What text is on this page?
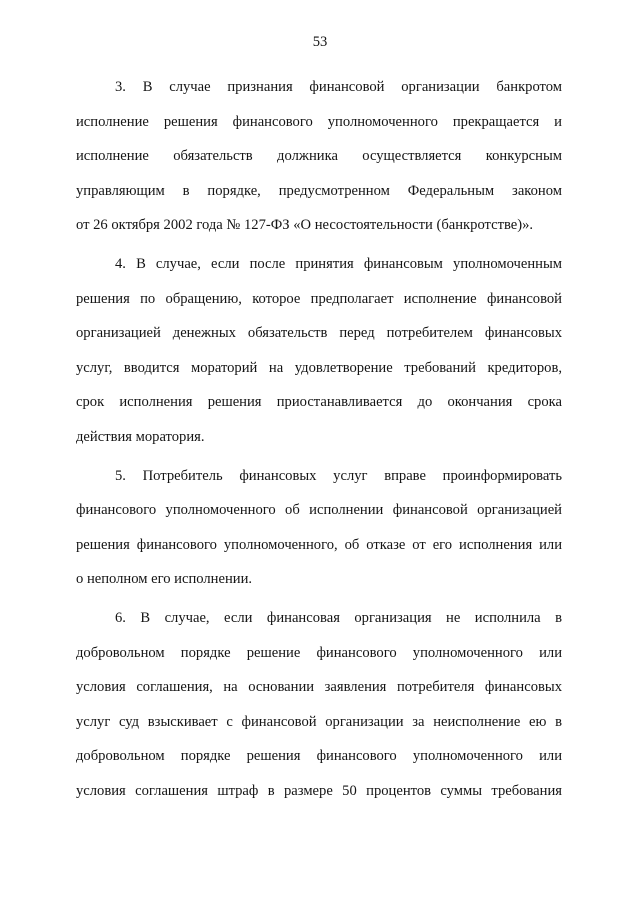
53
3. В случае признания финансовой организации банкротом
исполнение решения финансового уполномоченного прекращается и
исполнение обязательств должника осуществляется конкурсным
управляющим в порядке, предусмотренном Федеральным законом
от 26 октября 2002 года № 127-ФЗ «О несостоятельности (банкротстве)».
4. В случае, если после принятия финансовым уполномоченным
решения по обращению, которое предполагает исполнение финансовой
организацией денежных обязательств перед потребителем финансовых
услуг, вводится мораторий на удовлетворение требований кредиторов,
срок исполнения решения приостанавливается до окончания срока
действия моратория.
5. Потребитель финансовых услуг вправе проинформировать
финансового уполномоченного об исполнении финансовой организацией
решения финансового уполномоченного, об отказе от его исполнения или
о неполном его исполнении.
6. В случае, если финансовая организация не исполнила в
добровольном порядке решение финансового уполномоченного или
условия соглашения, на основании заявления потребителя финансовых
услуг суд взыскивает с финансовой организации за неисполнение ею в
добровольном порядке решения финансового уполномоченного или
условия соглашения штраф в размере 50 процентов суммы требования
